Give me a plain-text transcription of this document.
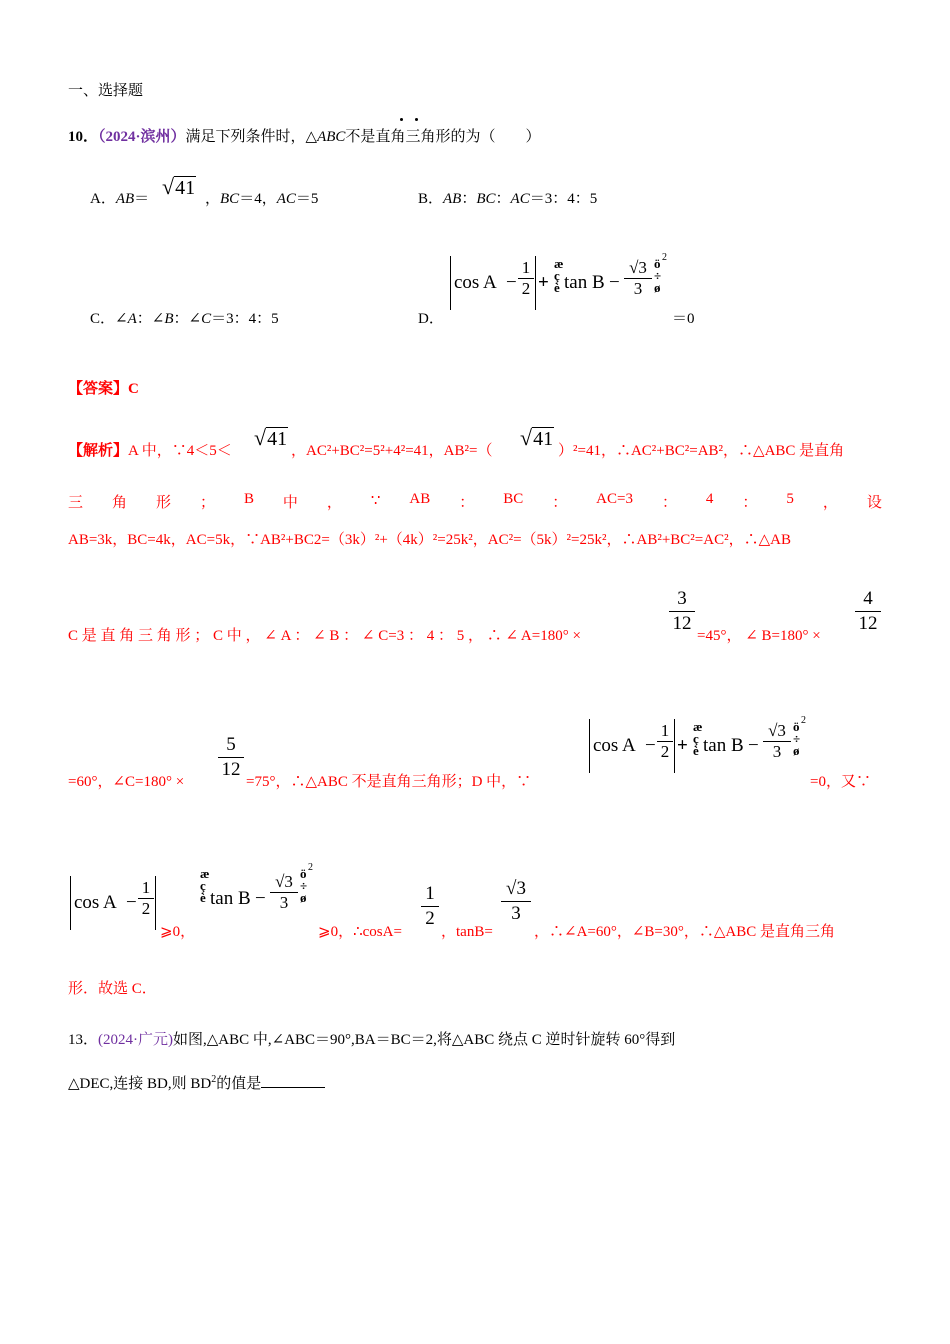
一、选择题
10．（2024·滨州）满足下列条件时，△ABC不是直角三角形的为（　　）
A．AB＝ √41 ，BC＝4，AC＝5	B．AB：BC：AC＝3：4：5
C．∠A：∠B：∠C＝3：4：5	D．
cos A −
1
2 +
æ
ç
è tan B −
√3
3
ö
÷
ø
2
＝0
【答案】C
【解析】A 中，∵4＜5＜
√41
，AC²+BC²=5²+4²=41，AB²=（
√41
）²=41，∴AC²+BC²=AB²，∴△ABC 是直角
三 角 形 ； B 中 ， ∵ AB ： BC ： AC=3 ： 4 ： 5 ， 设
AB=3k，BC=4k，AC=5k，∵AB²+BC2=（3k）²+（4k）²=25k²，AC²=（5k）²=25k²，∴AB²+BC²=AC²，∴△AB
C 是 直 角 三 角 形 ； C 中 ， ∠ A ： ∠ B ： ∠ C=3 ： 4 ： 5 ， ∴ ∠ A=180° ×
3
12
=45°， ∠ B=180° ×
4
12
=60°，∠C=180° ×
5
12
=75°，∴△ABC 不是直角三角形；D 中，∵
cos A −
1
2 +
æ
ç
è tan B −
√3
3
ö
÷
ø
2
=0，又∵
cos A −
1
2
⩾0，
æ
ç
è tan B −
√3
3
ö
÷
ø
2
⩾0，∴cosA=
1
2
，tanB=
√3
3
，∴∠A=60°，∠B=30°，∴△ABC 是直角三角
形．故选 C．
13．(2024·广元)如图,△ABC 中,∠ABC＝90°,BA＝BC＝2,将△ABC 绕点 C 逆时针旋转 60°得到
△DEC,连接 BD,则 $BD^2$的值是
